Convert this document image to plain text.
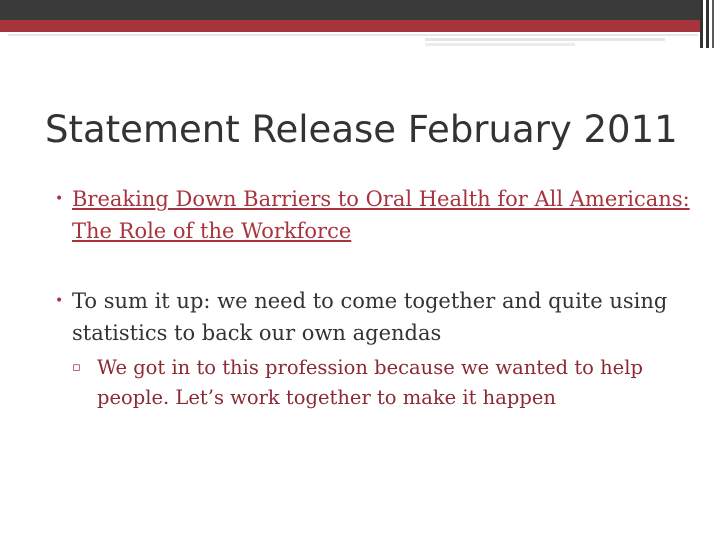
Statement Release February 2011
• Breaking Down Barriers to Oral Health for All Americans: The Role of the Workforce
• To sum it up: we need to come together and quite using statistics to back our own agendas
▫ We got in to this profession because we wanted to help people. Let’s work together to make it happen
